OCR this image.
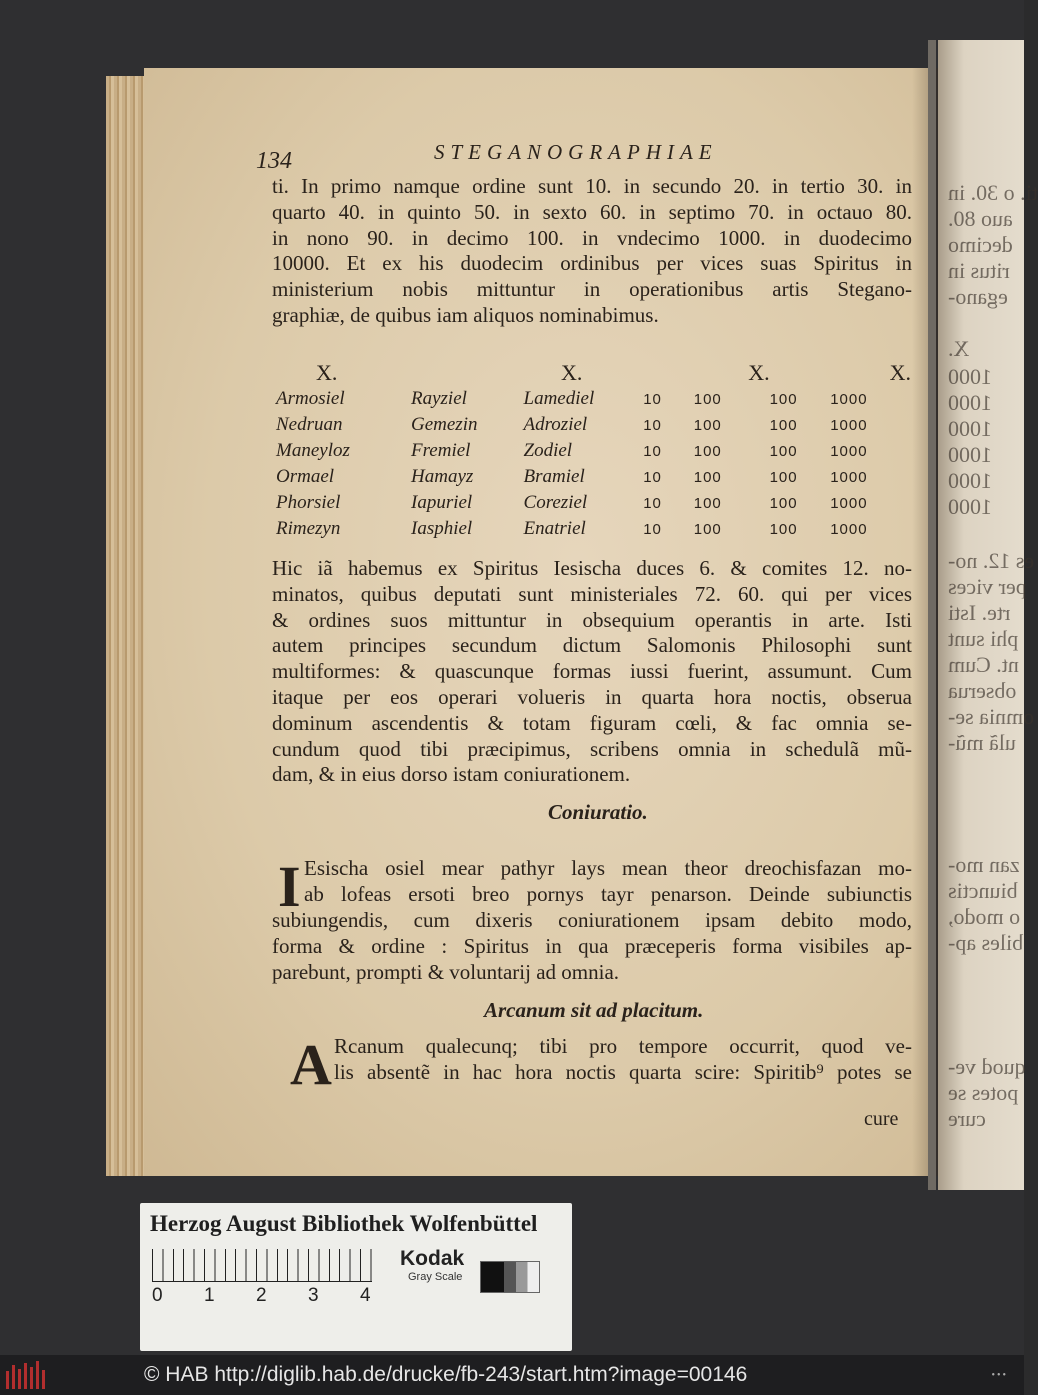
134	STEGANOGRAPHIAE
ti. In primo namque ordine sunt 10. in secundo 20. in tertio 30. in
quarto 40. in quinto 50. in sexto 60. in septimo 70. in octauo 80.
in nono 90. in decimo 100. in vndecimo 1000. in duodecimo
10000. Et ex his duodecim ordinibus per vices suas Spiritus in
ministerium nobis mittuntur in operationibus artis Stegano-
graphiæ, de quibus iam aliquos nominabimus.
X.	X.		X.		X.	
Armosiel	Rayziel	Lamediel	10	100	100	1000
Nedruan	Gemezin	Adroziel	10	100	100	1000
Maneyloz	Fremiel	Zodiel	10	100	100	1000
Ormael	Hamayz	Bramiel	10	100	100	1000
Phorsiel	Iapuriel	Coreziel	10	100	100	1000
Rimezyn	Iasphiel	Enatriel	10	100	100	1000
Hic iã habemus ex Spiritus Iesischa duces 6. & comites 12. no-
minatos, quibus deputati sunt ministeriales 72. 60. qui per vices
& ordines suos mittuntur in obsequium operantis in arte. Isti
autem principes secundum dictum Salomonis Philosophi sunt
multiformes: & quascunque formas iussi fuerint, assumunt. Cum
itaque per eos operari volueris in quarta hora noctis, obserua
dominum ascendentis & totam figuram cœli, & fac omnia se-
cundum quod tibi præcipimus, scribens omnia in schedulã mũ-
dam, & in eius dorso istam coniurationem.
Coniuratio.
I Esischa osiel mear pathyr lays mean theor dreochisfazan mo-
ab lofeas ersoti breo pornys tayr penarson. Deinde subiunctis
subiungendis, cum dixeris coniurationem ipsam debito modo,
forma & ordine : Spiritus in qua præceperis forma visibiles ap-
parebunt, prompti & voluntarij ad omnia.
Arcanum sit ad placitum.
A Rcanum qualecunq; tibi pro tempore occurrit, quod ve-
lis absentẽ in hac hora noctis quarta scire: Spiritib⁹ potes se
cure
ti. o 30. in
auo 80.
decimo
ritus in
egano-
X.
1000
1000
1000
1000
1000
1000
es 12. no-
per vices
rte. Isti
phi sunt
nt. Cum
obserua
omnia se-
ulã mũ-
zan mo-
biunctis
o modo,
biles ap-
quod ve-
potes se
cure
Herzog August Bibliothek Wolfenbüttel
0 1 2 3 4
Kodak
Gray Scale
© HAB http://diglib.hab.de/drucke/fb-243/start.htm?image=00146	•••
